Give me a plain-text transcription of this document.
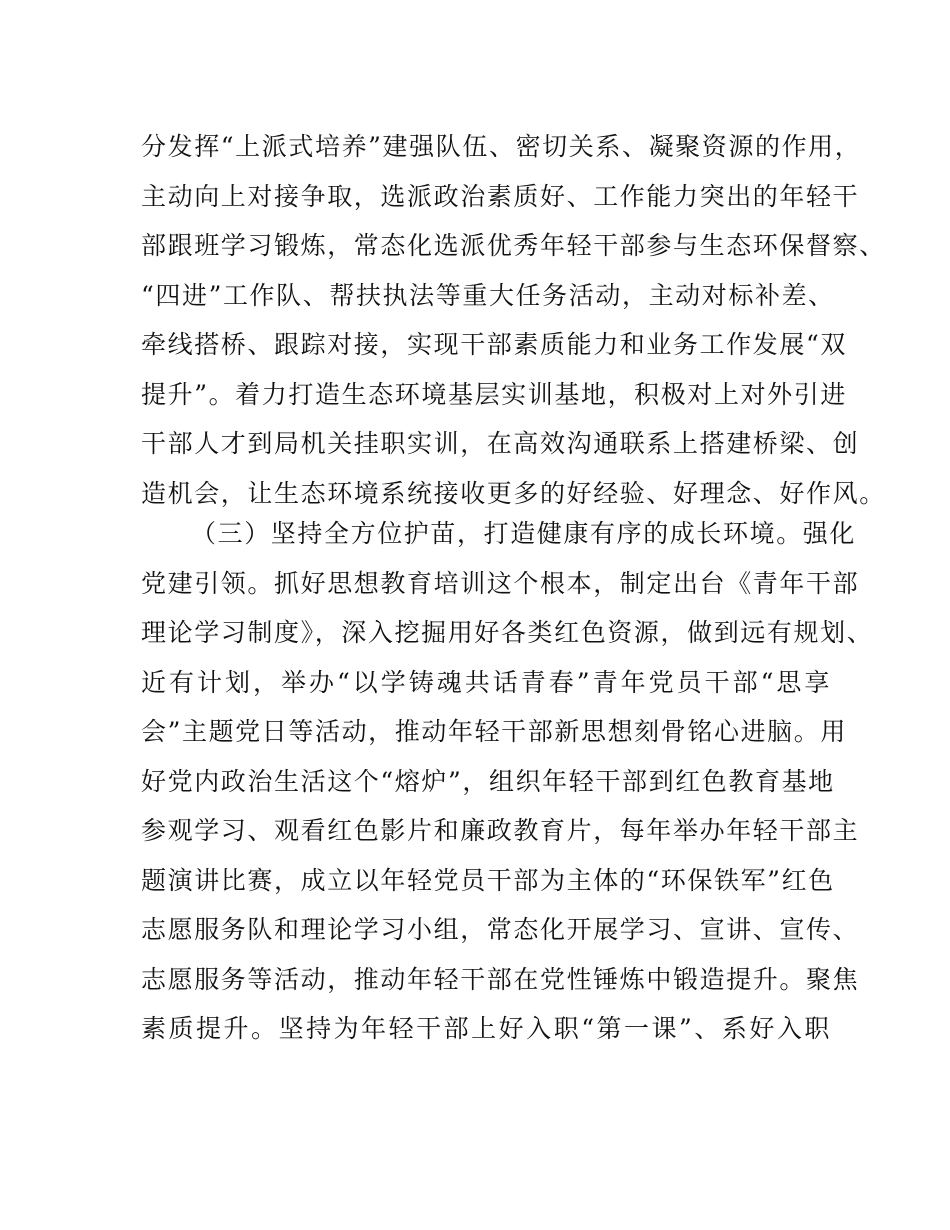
分发挥“上派式培养”建强队伍、密切关系、凝聚资源的作用，
主动向上对接争取，选派政治素质好、工作能力突出的年轻干
部跟班学习锻炼，常态化选派优秀年轻干部参与生态环保督察、
“四进”工作队、帮扶执法等重大任务活动，主动对标补差、
牵线搭桥、跟踪对接，实现干部素质能力和业务工作发展“双
提升”。着力打造生态环境基层实训基地，积极对上对外引进
干部人才到局机关挂职实训，在高效沟通联系上搭建桥梁、创
造机会，让生态环境系统接收更多的好经验、好理念、好作风。
（三）坚持全方位护苗，打造健康有序的成长环境。强化
党建引领。抓好思想教育培训这个根本，制定出台《青年干部
理论学习制度》，深入挖掘用好各类红色资源，做到远有规划、
近有计划，举办“以学铸魂共话青春”青年党员干部“思享
会”主题党日等活动，推动年轻干部新思想刻骨铭心进脑。用
好党内政治生活这个“熔炉”，组织年轻干部到红色教育基地
参观学习、观看红色影片和廉政教育片，每年举办年轻干部主
题演讲比赛，成立以年轻党员干部为主体的“环保铁军”红色
志愿服务队和理论学习小组，常态化开展学习、宣讲、宣传、
志愿服务等活动，推动年轻干部在党性锤炼中锻造提升。聚焦
素质提升。坚持为年轻干部上好入职“第一课”、系好入职
